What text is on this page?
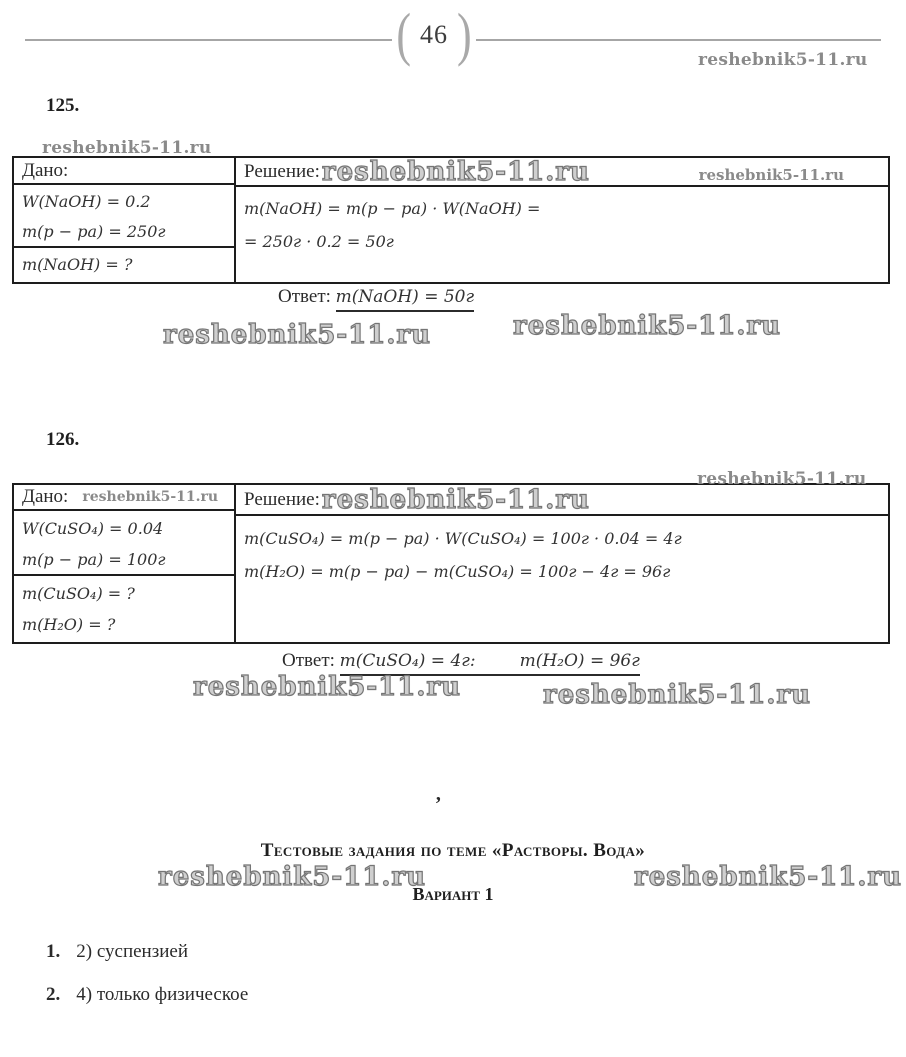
( 46 )	reshebnik5-11.ru
125.
reshebnik5-11.ru
Дано:
W(NaOH) = 0.2
m(p − pa) = 250г
m(NaOH) = ?
Решение: reshebnik5-11.ru	reshebnik5-11.ru
m(NaOH) = m(p − pa) · W(NaOH) =
= 250г · 0.2 = 50г
Ответ: m(NaOH) = 50г
reshebnik5-11.ru	reshebnik5-11.ru
126.
reshebnik5-11.ru
Дано: reshebnik5-11.ru
W(CuSO₄) = 0.04
m(p − pa) = 100г
m(CuSO₄) = ?
m(H₂O) = ?
Решение: reshebnik5-11.ru
m(CuSO₄) = m(p − pa) · W(CuSO₄) = 100г · 0.04 = 4г
m(H₂O) = m(p − pa) − m(CuSO₄) = 100г − 4г = 96г
Ответ: m(CuSO₄) = 4г:	m(H₂O) = 96г
reshebnik5-11.ru	reshebnik5-11.ru
‚
Тестовые задания по теме «Растворы. Вода»
reshebnik5-11.ru	reshebnik5-11.ru
Вариант 1
1. 2) суспензией
2. 4) только физическое
